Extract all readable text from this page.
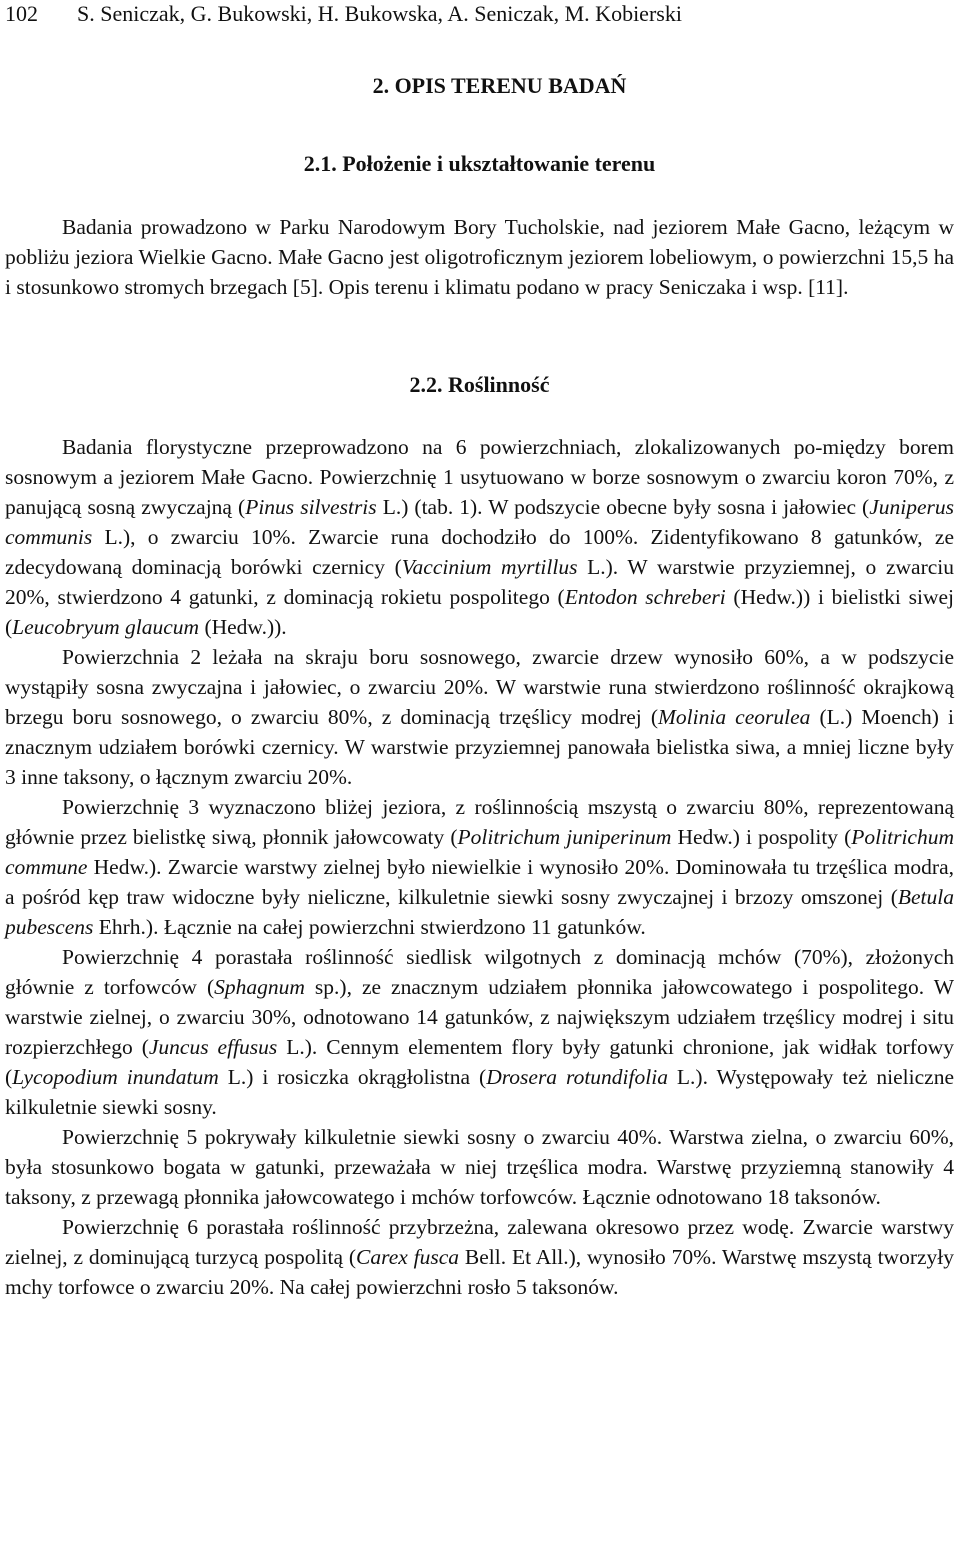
102 S. Seniczak, G. Bukowski, H. Bukowska, A. Seniczak, M. Kobierski
2. OPIS TERENU BADAŃ
2.1. Położenie i ukształtowanie terenu

Badania prowadzono w Parku Narodowym Bory Tucholskie, nad jeziorem Małe Gacno, leżącym w pobliżu jeziora Wielkie Gacno. Małe Gacno jest oligotroficznym jeziorem lobeliowym, o powierzchni 15,5 ha i stosunkowo stromych brzegach [5]. Opis terenu i klimatu podano w pracy Seniczaka i wsp. [11].

2.2. Roślinność

Badania florystyczne przeprowadzono na 6 powierzchniach, zlokalizowanych po-między borem sosnowym a jeziorem Małe Gacno. Powierzchnię 1 usytuowano w borze sosnowym o zwarciu koron 70%, z panującą sosną zwyczajną (Pinus silvestris L.) (tab. 1). W podszycie obecne były sosna i jałowiec (Juniperus communis L.), o zwarciu 10%. Zwarcie runa dochodziło do 100%. Zidentyfikowano 8 gatunków, ze zdecydowaną dominacją borówki czernicy (Vaccinium myrtillus L.). W warstwie przyziemnej, o zwarciu 20%, stwierdzono 4 gatunki, z dominacją rokietu pospolitego (Entodon schreberi (Hedw.)) i bielistki siwej (Leucobryum glaucum (Hedw.)).

Powierzchnia 2 leżała na skraju boru sosnowego, zwarcie drzew wynosiło 60%, a w podszycie wystąpiły sosna zwyczajna i jałowiec, o zwarciu 20%. W warstwie runa stwierdzono roślinność okrajkową brzegu boru sosnowego, o zwarciu 80%, z dominacją trzęślicy modrej (Molinia ceorulea (L.) Moench) i znacznym udziałem borówki czernicy. W warstwie przyziemnej panowała bielistka siwa, a mniej liczne były 3 inne taksony, o łącznym zwarciu 20%.

Powierzchnię 3 wyznaczono bliżej jeziora, z roślinnością mszystą o zwarciu 80%, reprezentowaną głównie przez bielistkę siwą, płonnik jałowcowaty (Politrichum juniperinum Hedw.) i pospolity (Politrichum commune Hedw.). Zwarcie warstwy zielnej było niewielkie i wynosiło 20%. Dominowała tu trzęślica modra, a pośród kęp traw widoczne były nieliczne, kilkuletnie siewki sosny zwyczajnej i brzozy omszonej (Betula pubescens Ehrh.). Łącznie na całej powierzchni stwierdzono 11 gatunków.

Powierzchnię 4 porastała roślinność siedlisk wilgotnych z dominacją mchów (70%), złożonych głównie z torfowców (Sphagnum sp.), ze znacznym udziałem płonnika jałowcowatego i pospolitego. W warstwie zielnej, o zwarciu 30%, odnotowano 14 gatunków, z największym udziałem trzęślicy modrej i situ rozpierzchłego (Juncus effusus L.). Cennym elementem flory były gatunki chronione, jak widłak torfowy (Lycopodium inundatum L.) i rosiczka okrągłolistna (Drosera rotundifolia L.). Występowały też nieliczne kilkuletnie siewki sosny.

Powierzchnię 5 pokrywały kilkuletnie siewki sosny o zwarciu 40%. Warstwa zielna, o zwarciu 60%, była stosunkowo bogata w gatunki, przeważała w niej trzęślica modra. Warstwę przyziemną stanowiły 4 taksony, z przewagą płonnika jałowcowatego i mchów torfowców. Łącznie odnotowano 18 taksonów.

Powierzchnię 6 porastała roślinność przybrzeżna, zalewana okresowo przez wodę. Zwarcie warstwy zielnej, z dominującą turzycą pospolitą (Carex fusca Bell. Et All.), wynosiło 70%. Warstwę mszystą tworzyły mchy torfowce o zwarciu 20%. Na całej powierzchni rosło 5 taksonów.
